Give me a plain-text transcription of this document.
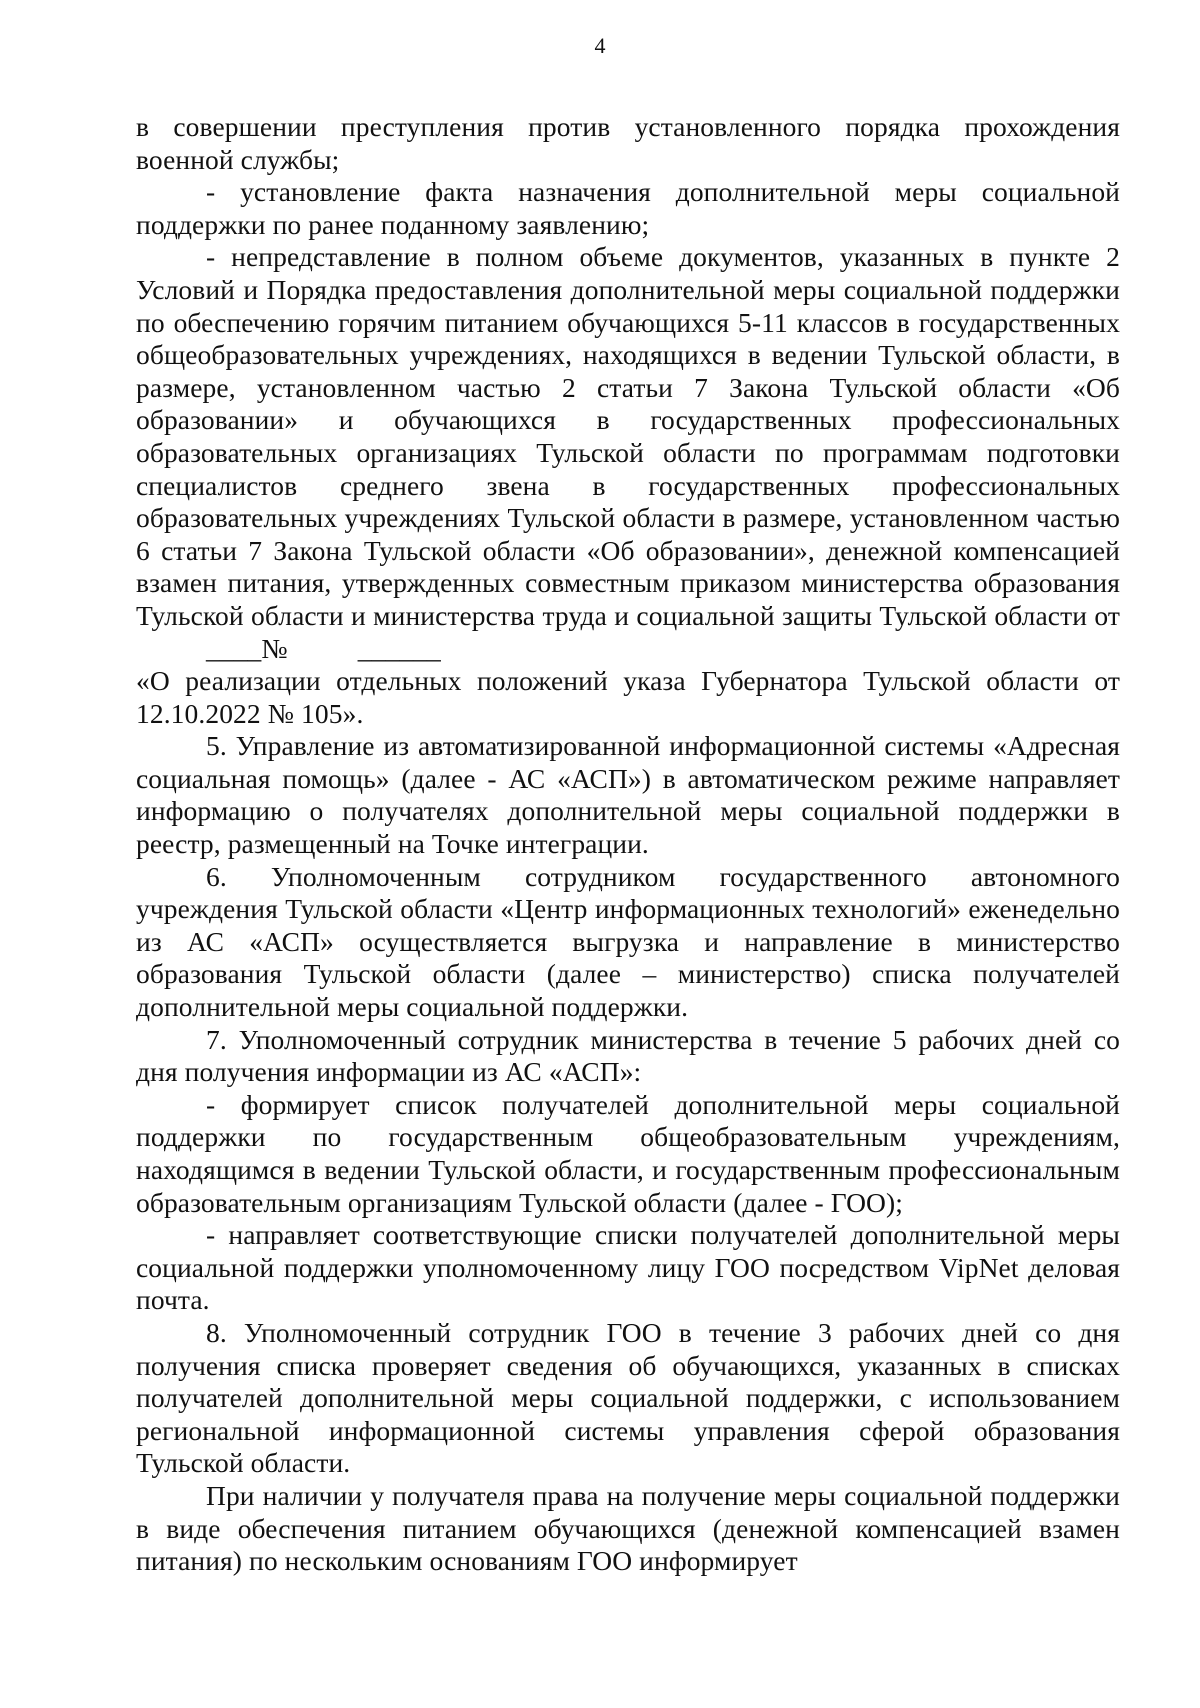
4

в совершении преступления против установленного порядка прохождения военной службы;

- установление факта назначения дополнительной меры социальной поддержки по ранее поданному заявлению;

- непредставление в полном объеме документов, указанных в пункте 2 Условий и Порядка предоставления дополнительной меры социальной поддержки по обеспечению горячим питанием обучающихся 5-11 классов в государственных общеобразовательных учреждениях, находящихся в ведении Тульской области, в размере, установленном частью 2 статьи 7 Закона Тульской области «Об образовании» и обучающихся в государственных профессиональных образовательных организациях Тульской области по программам подготовки специалистов среднего звена в государственных профессиональных образовательных учреждениях Тульской области в размере, установленном частью 6 статьи 7 Закона Тульской области «Об образовании», денежной компенсацией взамен питания, утвержденных совместным приказом министерства образования Тульской области и министерства труда и социальной защиты Тульской области от ____№	______

«О реализации отдельных положений указа Губернатора Тульской области от 12.10.2022 № 105».

5. Управление из автоматизированной информационной системы «Адресная социальная помощь» (далее - АС «АСП») в автоматическом режиме направляет информацию о получателях дополнительной меры социальной поддержки в реестр, размещенный на Точке интеграции.

6. Уполномоченным сотрудником государственного автономного учреждения Тульской области «Центр информационных технологий» еженедельно из АС «АСП» осуществляется выгрузка и направление в министерство образования Тульской области (далее – министерство) списка получателей дополнительной меры социальной поддержки.

7. Уполномоченный сотрудник министерства в течение 5 рабочих дней со дня получения информации из АС «АСП»:

- формирует список получателей дополнительной меры социальной поддержки по государственным общеобразовательным учреждениям, находящимся в ведении Тульской области, и государственным профессиональным образовательным организациям Тульской области (далее - ГОО);

- направляет соответствующие списки получателей дополнительной меры социальной поддержки уполномоченному лицу ГОО посредством VipNet деловая почта.

8. Уполномоченный сотрудник ГОО в течение 3 рабочих дней со дня получения списка проверяет сведения об обучающихся, указанных в списках получателей дополнительной меры социальной поддержки, с использованием региональной информационной системы управления сферой образования Тульской области.

При наличии у получателя права на получение меры социальной поддержки в виде обеспечения питанием обучающихся (денежной компенсацией взамен питания) по нескольким основаниям ГОО информирует
